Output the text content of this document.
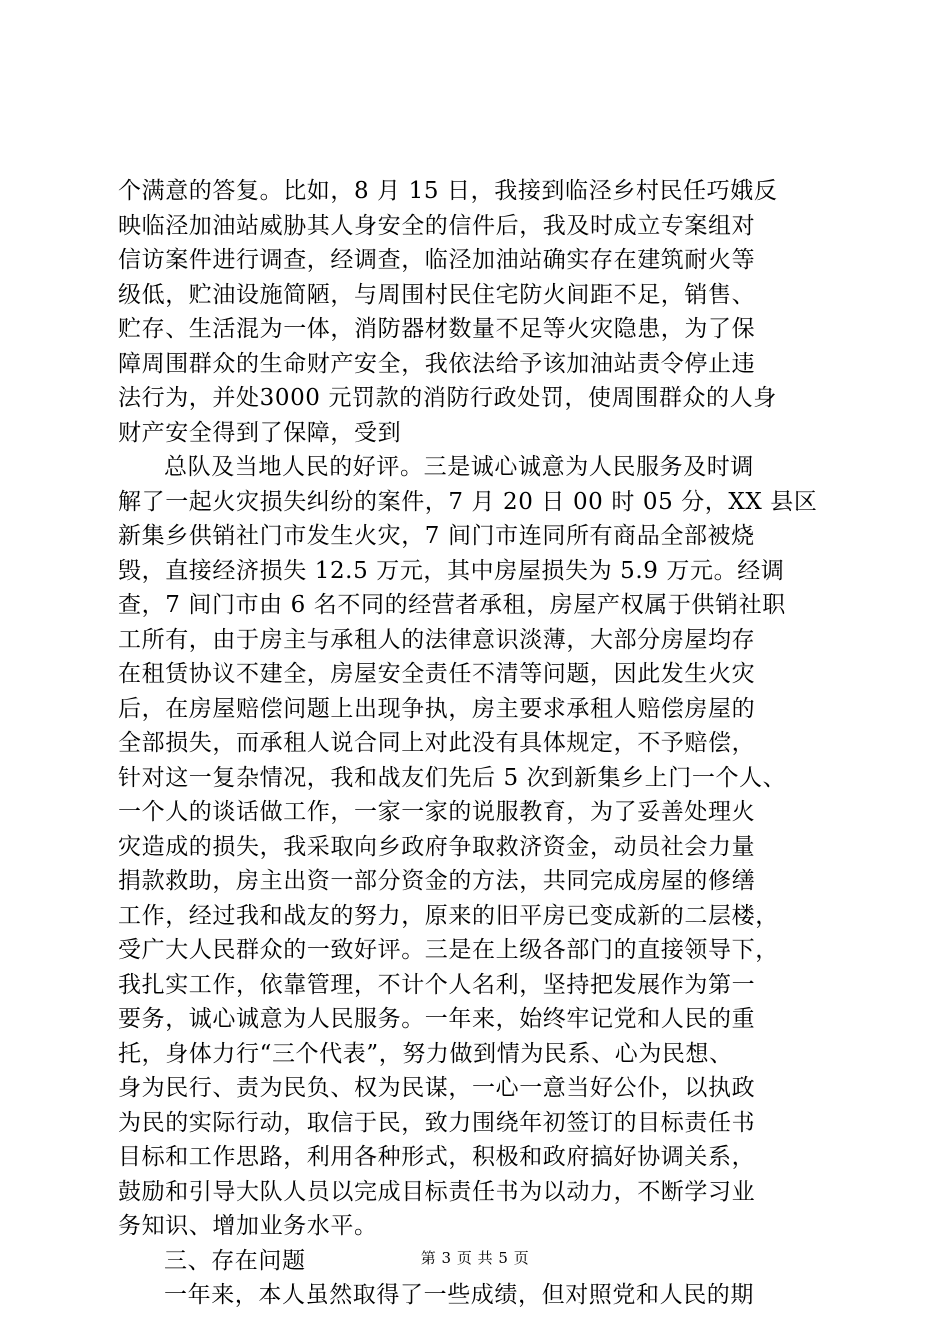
个满意的答复。比如，8 月 15 日，我接到临泾乡村民任巧娥反
映临泾加油站威胁其人身安全的信件后，我及时成立专案组对
信访案件进行调查，经调查，临泾加油站确实存在建筑耐火等
级低，贮油设施简陋，与周围村民住宅防火间距不足，销售、
贮存、生活混为一体，消防器材数量不足等火灾隐患，为了保
障周围群众的生命财产安全，我依法给予该加油站责令停止违
法行为，并处3000 元罚款的消防行政处罚，使周围群众的人身
财产安全得到了保障，受到
总队及当地人民的好评。三是诚心诚意为人民服务及时调
解了一起火灾损失纠纷的案件，7 月 20 日 00 时 05 分，XX 县区
新集乡供销社门市发生火灾，7 间门市连同所有商品全部被烧
毁，直接经济损失 12.5 万元，其中房屋损失为 5.9 万元。经调
查，7 间门市由 6 名不同的经营者承租，房屋产权属于供销社职
工所有，由于房主与承租人的法律意识淡薄，大部分房屋均存
在租赁协议不建全，房屋安全责任不清等问题，因此发生火灾
后，在房屋赔偿问题上出现争执，房主要求承租人赔偿房屋的
全部损失，而承租人说合同上对此没有具体规定，不予赔偿，
针对这一复杂情况，我和战友们先后 5 次到新集乡上门一个人、
一个人的谈话做工作，一家一家的说服教育，为了妥善处理火
灾造成的损失，我采取向乡政府争取救济资金，动员社会力量
捐款救助，房主出资一部分资金的方法，共同完成房屋的修缮
工作，经过我和战友的努力，原来的旧平房已变成新的二层楼，
受广大人民群众的一致好评。三是在上级各部门的直接领导下，
我扎实工作，依靠管理，不计个人名利，坚持把发展作为第一
要务，诚心诚意为人民服务。一年来，始终牢记党和人民的重
托，身体力行“三个代表”，努力做到情为民系、心为民想、
身为民行、责为民负、权为民谋，一心一意当好公仆，以执政
为民的实际行动，取信于民，致力围绕年初签订的目标责任书
目标和工作思路，利用各种形式，积极和政府搞好协调关系，
鼓励和引导大队人员以完成目标责任书为以动力，不断学习业
务知识、增加业务水平。
三、存在问题
一年来，本人虽然取得了一些成绩，但对照党和人民的期
第 3 页 共 5 页
